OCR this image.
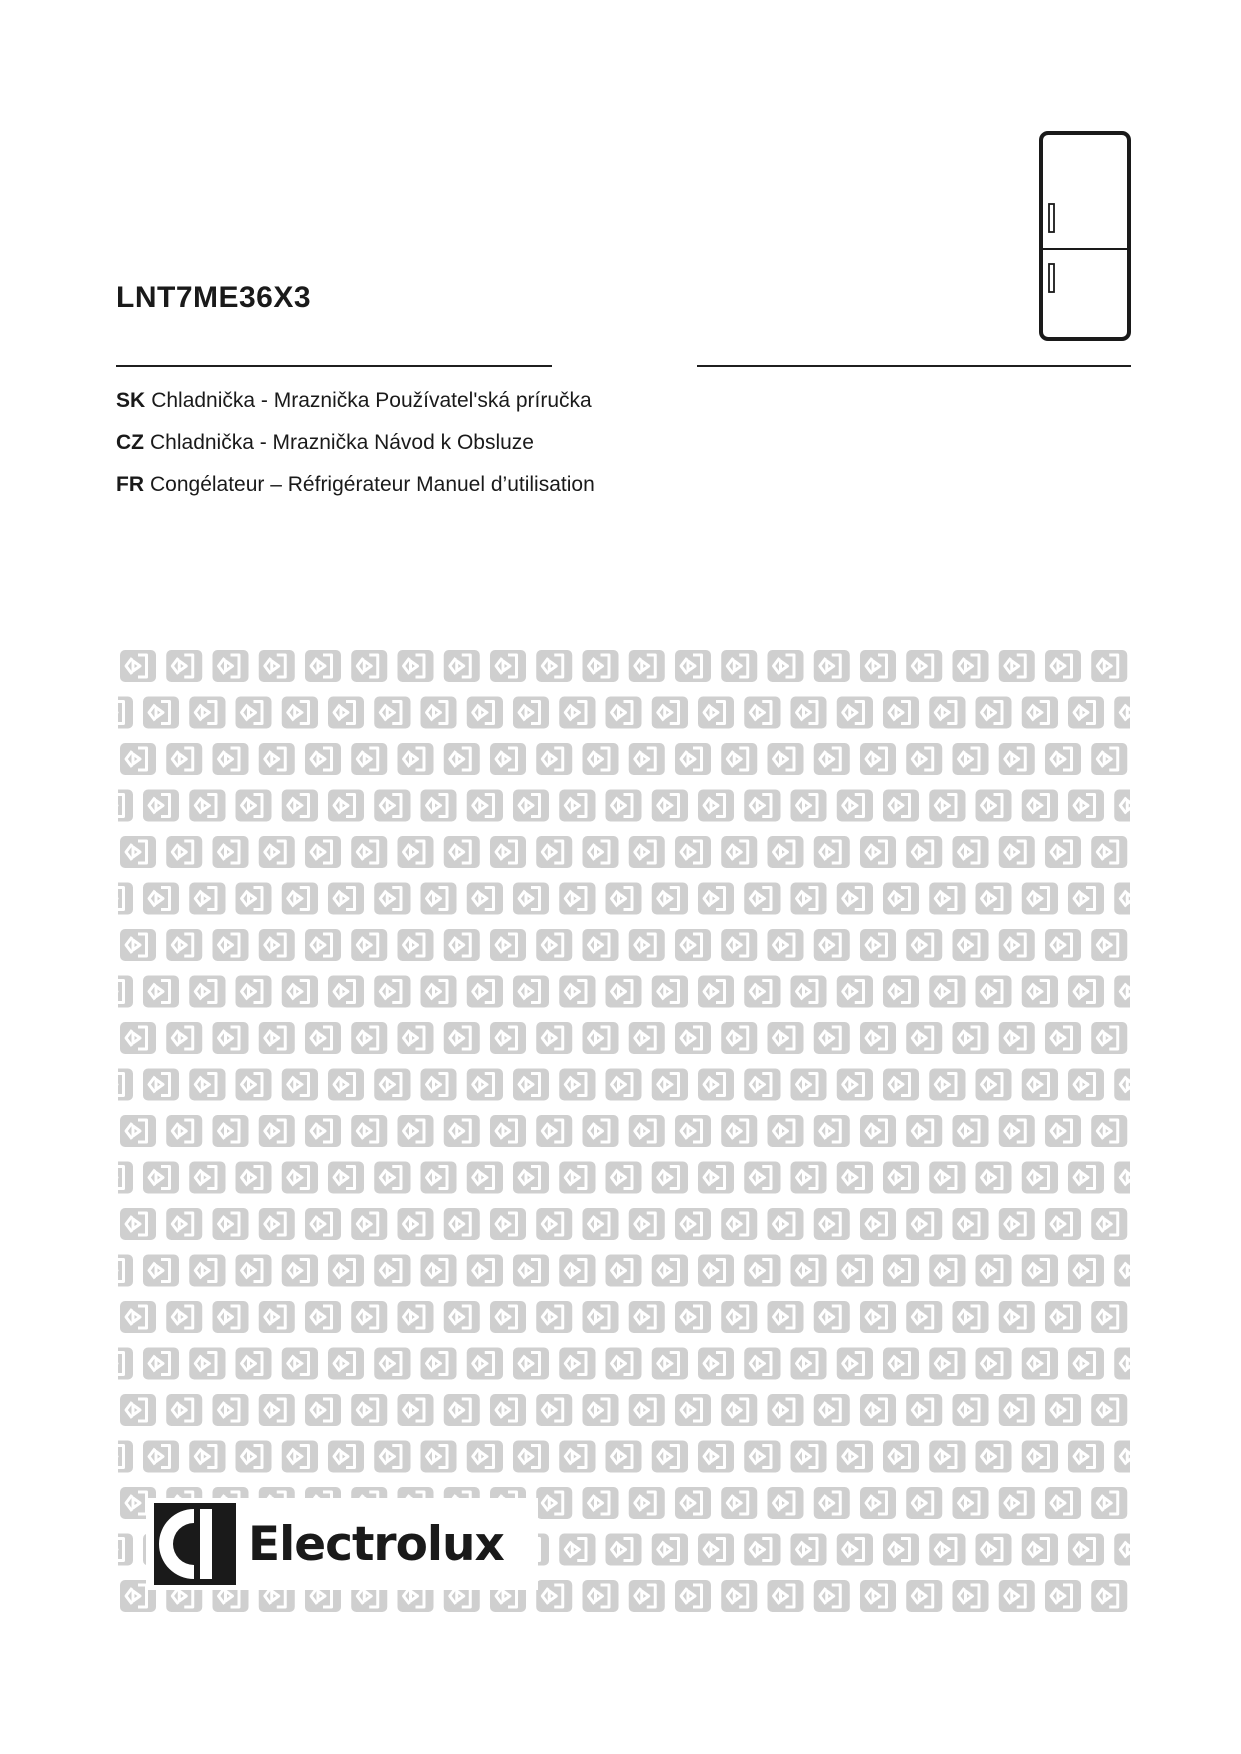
LNT7ME36X3
SK Chladnička - Mraznička Používatel'ská príručka
CZ Chladnička - Mraznička Návod k Obsluze
FR Congélateur – Réfrigérateur Manuel d’utilisation
Electrolux
